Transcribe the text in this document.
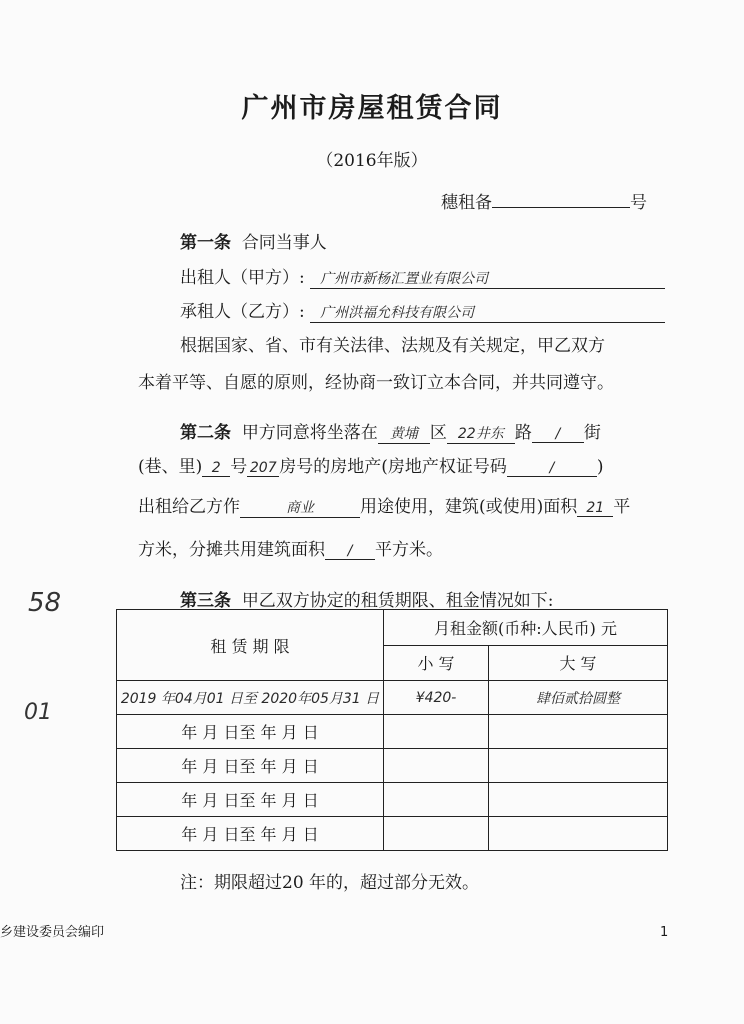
广州市房屋租赁合同
（2016年版）
穗租备	号
第一条 合同当事人
出租人（甲方）: 广州市新杨汇置业有限公司
承租人（乙方）: 广州洪福允科技有限公司
根据国家、省、市有关法律、法规及有关规定，甲乙双方
本着平等、自愿的原则，经协商一致订立本合同，并共同遵守。
第二条 甲方同意将坐落在 黄埔 区 22井东 路 / 街
(巷、里) 2 号 207 房号的房地产(房地产权证号码	/	)
出租给乙方作	商业	用途使用，建筑(或使用)面积 21 平
方米，分摊共用建筑面积 / 平方米。
第三条 甲乙双方协定的租赁期限、租金情况如下:
租 赁 期 限	月租金额(币种:人民币) 元	
	小 写	大 写
2019 年04月01 日至 2020年05月31 日	¥420-	肆佰贰拾圆整
年 月 日至 年 月 日		
年 月 日至 年 月 日		
年 月 日至 年 月 日		
年 月 日至 年 月 日		
注：期限超过20 年的，超过部分无效。
58
01
乡建设委员会编印	1
